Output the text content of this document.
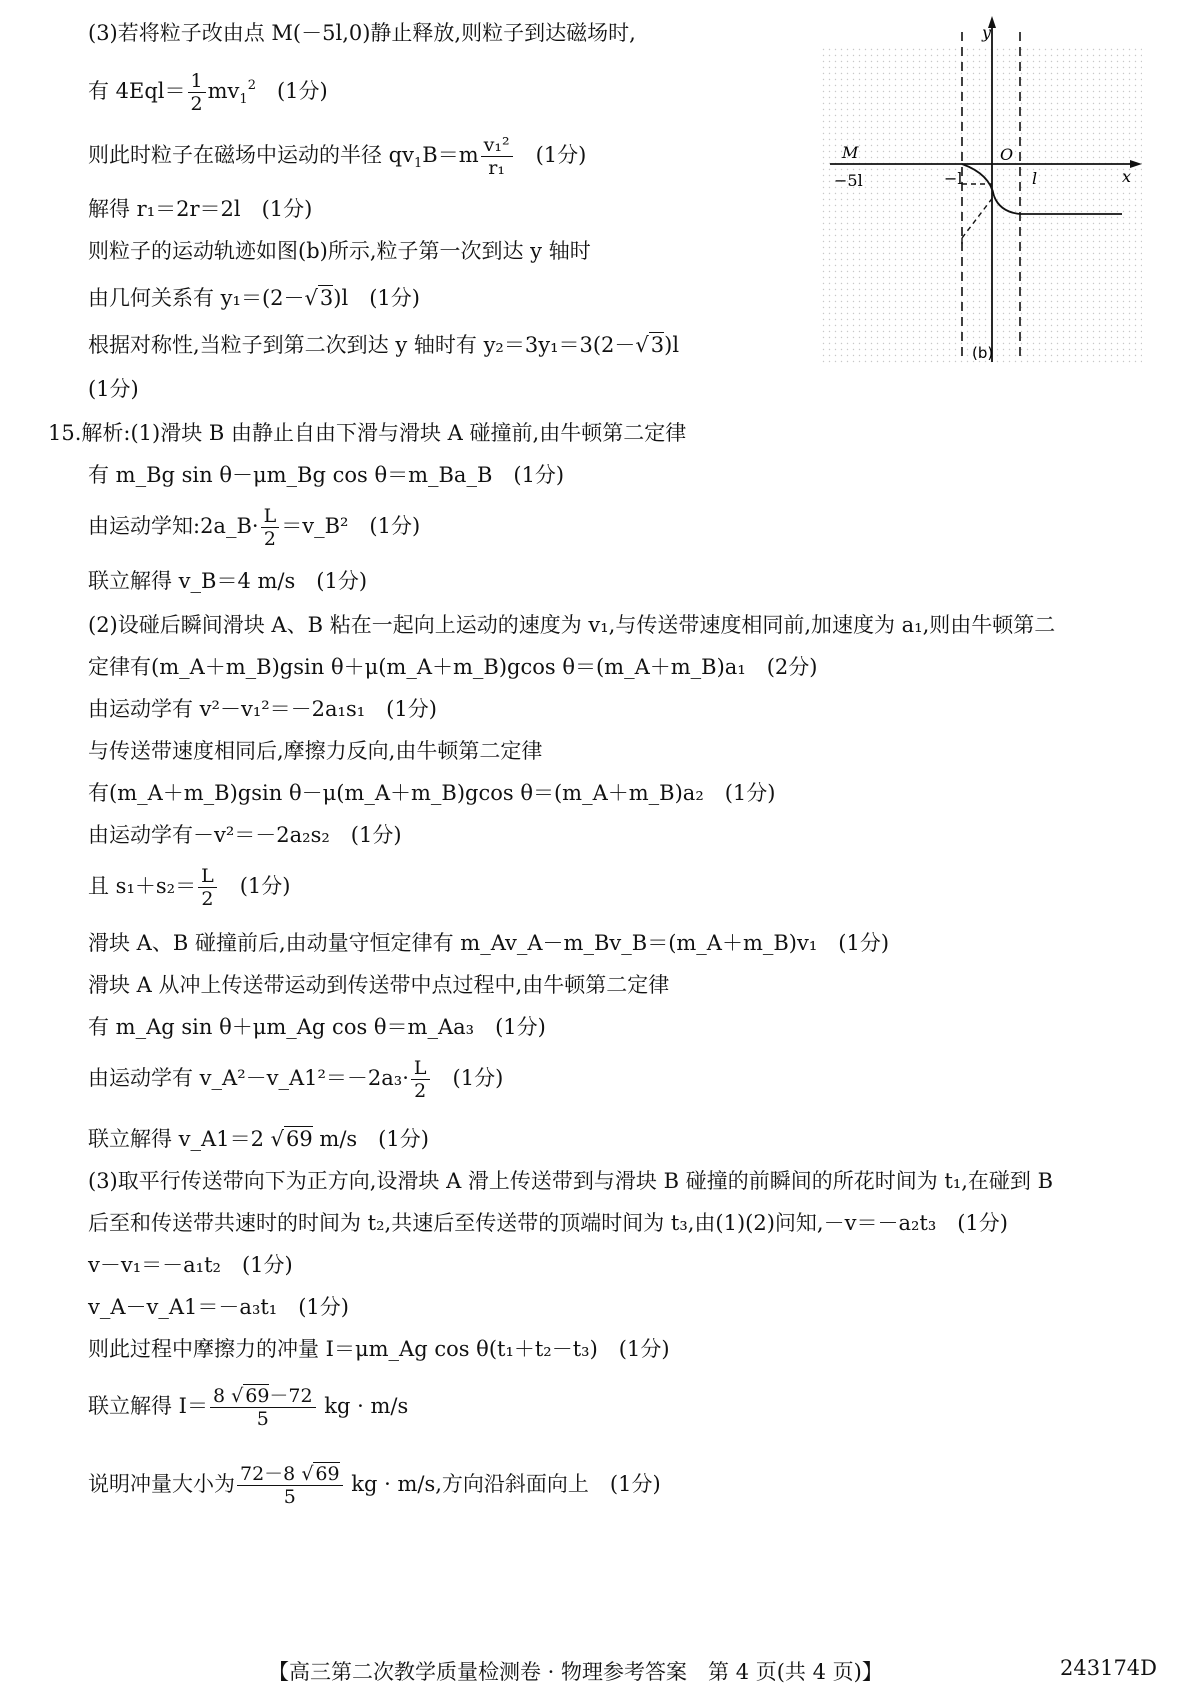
(3)若将粒子改由点 M(－5l,0)静止释放,则粒子到达磁场时,
有 $4Eql= \frac{1}{2} mv_1^2$　 (1分)
则此时粒子在磁场中运动的半径 $qv_1B=m \frac{\text{v₁²}}{\text{r₁}}$
　 (1分)
解得 r₁＝2r＝2l　(1分)
则粒子的运动轨迹如图(b)所示,粒子第一次到达 y 轴时
由几何关系有 y₁＝(2－√3)l　(1分)
根据对称性,当粒子到第二次到达 y 轴时有 y₂＝3y₁＝3(2－√3)l
(1分)
y
x
M	O
−5l	−l	l
(b)
15.解析:(1)滑块 B 由静止自由下滑与滑块 A 碰撞前,由牛顿第二定律
有 m_Bg sin θ－μm_Bg cos θ＝m_Ba_B　(1分)
由运动学知:2a_B· $\frac{L}{2}$ ＝v_B²　(1分)
联立解得 v_B＝4 m/s　(1分)
(2)设碰后瞬间滑块 A、B 粘在一起向上运动的速度为 v₁,与传送带速度相同前,加速度为 a₁,则由牛顿第二
定律有(m_A＋m_B)gsin θ＋μ(m_A＋m_B)gcos θ＝(m_A＋m_B)a₁　(2分)
由运动学有 v²－v₁²＝－2a₁s₁　(1分)
与传送带速度相同后,摩擦力反向,由牛顿第二定律
有(m_A＋m_B)gsin θ－μ(m_A＋m_B)gcos θ＝(m_A＋m_B)a₂　(1分)
由运动学有－v²＝－2a₂s₂　(1分)
且 $s_1+s_2= \frac{L}{2}$ 　(1分)
滑块 A、B 碰撞前后,由动量守恒定律有 m_Av_A－m_Bv_B＝(m_A＋m_B)v₁　(1分)
滑块 A 从冲上传送带运动到传送带中点过程中,由牛顿第二定律
有 m_Ag sin θ＋μm_Ag cos θ＝m_Aa₃　(1分)
由运动学有 v_A²－v_A1²＝－2a₃· $\frac{L}{2}$ 　(1分)
联立解得 v_A1＝2 √69 m/s　(1分)
(3)取平行传送带向下为正方向,设滑块 A 滑上传送带到与滑块 B 碰撞的前瞬间的所花时间为 t₁,在碰到 B
后至和传送带共速时的时间为 t₂,共速后至传送带的顶端时间为 t₃,由(1)(2)问知,－v＝－a₂t₃　(1分)
v－v₁＝－a₁t₂　(1分)
v_A－v_A1＝－a₃t₁　(1分)
则此过程中摩擦力的冲量 I＝μm_Ag cos θ(t₁＋t₂－t₃)　(1分)
联立解得 $I= \frac{8 √ 69-72}{5}$ kg · m/s
说明冲量大小为 $\frac{72-8 √ 69}{5}$ kg · m/s,方向沿斜面向上　(1分)
【高三第二次教学质量检测卷 · 物理参考答案　第 4 页(共 4 页)】	243174D
